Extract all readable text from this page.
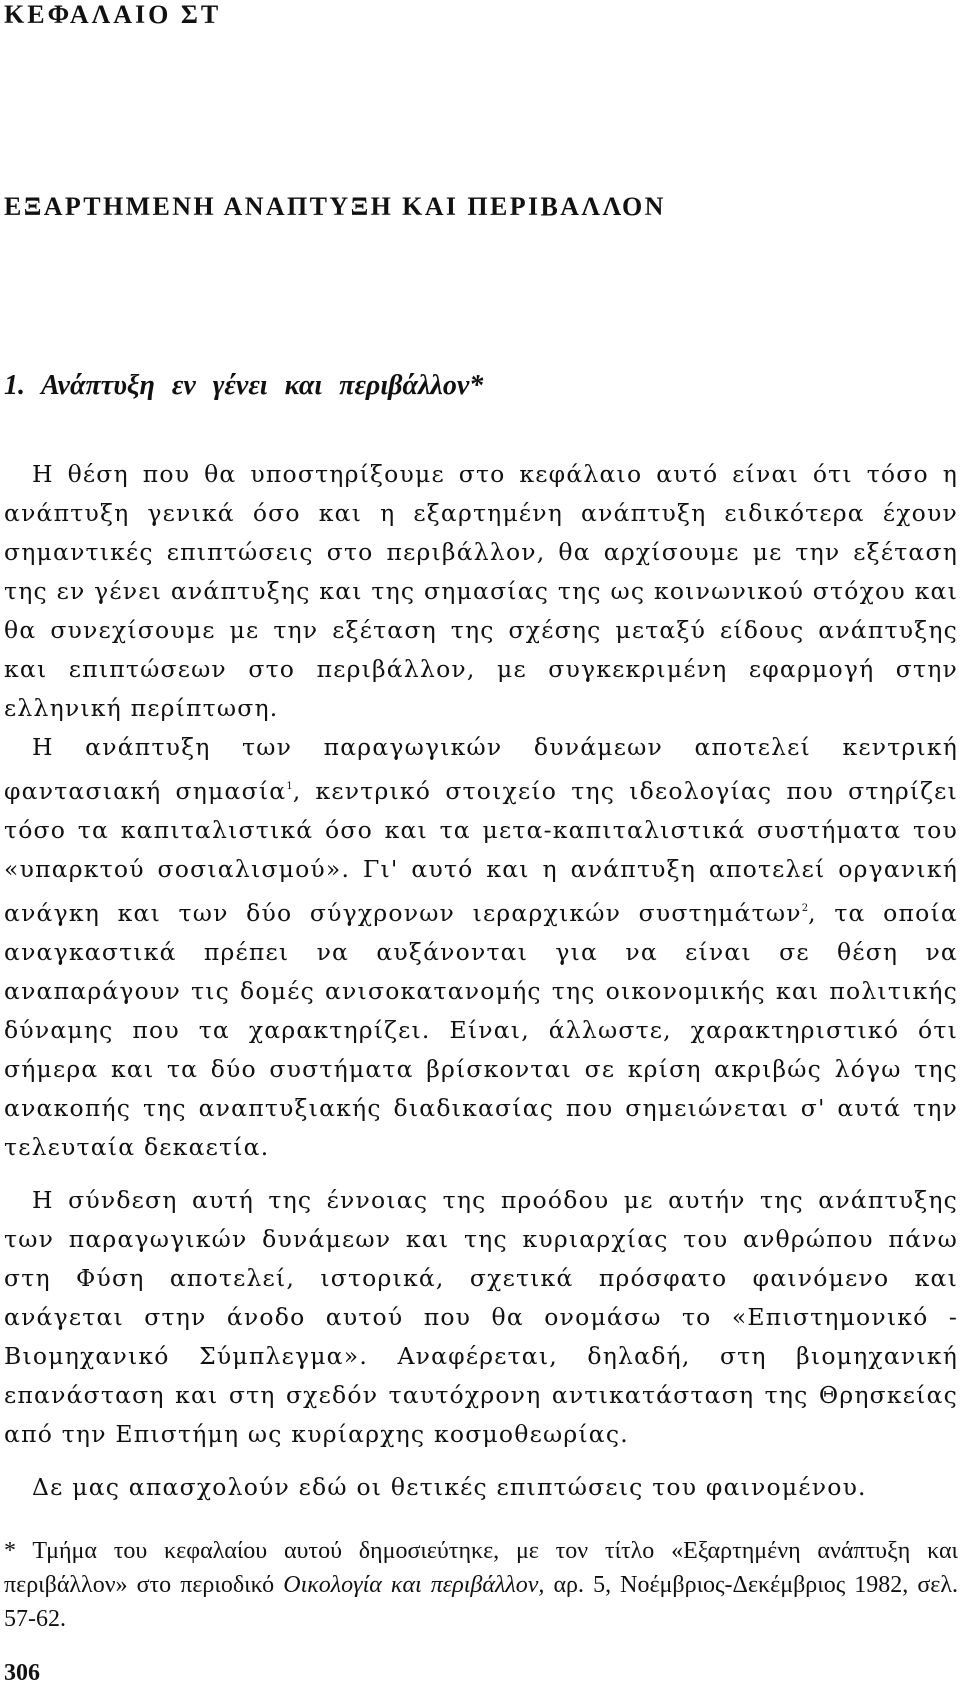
ΚΕΦΑΛΑΙΟ ΣΤ
ΕΞΑΡΤΗΜΕΝΗ ΑΝΑΠΤΥΞΗ ΚΑΙ ΠΕΡΙΒΑΛΛΟΝ
1. Ανάπτυξη εν γένει και περιβάλλον*

Η θέση που θα υποστηρίξουμε στο κεφάλαιο αυτό είναι ότι τόσο η ανάπτυξη γενικά όσο και η εξαρτημένη ανάπτυξη ειδικότερα έχουν σημαντικές επιπτώσεις στο περιβάλλον, θα αρχίσουμε με την εξέταση της εν γένει ανάπτυξης και της σημασίας της ως κοινωνικού στόχου και θα συνεχίσουμε με την εξέταση της σχέσης μεταξύ είδους ανάπτυξης και επιπτώσεων στο περιβάλλον, με συγκεκριμένη εφαρμογή στην ελληνική περίπτωση.

Η ανάπτυξη των παραγωγικών δυνάμεων αποτελεί κεντρική φαντασιακή σημασία$^1$, κεντρικό στοιχείο της ιδεολογίας που στηρίζει τόσο τα καπιταλιστικά όσο και τα μετα-καπιταλιστικά συστήματα του «υπαρκτού σοσιαλισμού». Γι' αυτό και η ανάπτυξη αποτελεί οργανική ανάγκη και των δύο σύγχρονων ιεραρχικών συστημάτων$^2$, τα οποία αναγκαστικά πρέπει να αυξάνονται για να είναι σε θέση να αναπαράγουν τις δομές ανισοκατανομής της οικονομικής και πολιτικής δύναμης που τα χαρακτηρίζει. Είναι, άλλωστε, χαρακτηριστικό ότι σήμερα και τα δύο συστήματα βρίσκονται σε κρίση ακριβώς λόγω της ανακοπής της αναπτυξιακής διαδικασίας που σημειώνεται σ' αυτά την τελευταία δεκαετία.

Η σύνδεση αυτή της έννοιας της προόδου με αυτήν της ανάπτυξης των παραγωγικών δυνάμεων και της κυριαρχίας του ανθρώπου πάνω στη Φύση αποτελεί, ιστορικά, σχετικά πρόσφατο φαινόμενο και ανάγεται στην άνοδο αυτού που θα ονομάσω το «Επιστημονικό - Βιομηχανικό Σύμπλεγμα». Αναφέρεται, δηλαδή, στη βιομηχανική επανάσταση και στη σχεδόν ταυτόχρονη αντικατάσταση της Θρησκείας από την Επιστήμη ως κυρίαρχης κοσμοθεωρίας.

Δε μας απασχολούν εδώ οι θετικές επιπτώσεις του φαινομένου.

* Τμήμα του κεφαλαίου αυτού δημοσιεύτηκε, με τον τίτλο «Εξαρτημένη ανάπτυξη και περιβάλλον» στο περιοδικό Οικολογία και περιβάλλον, αρ. 5, Νοέμβριος-Δεκέμβριος 1982, σελ. 57-62.

306
